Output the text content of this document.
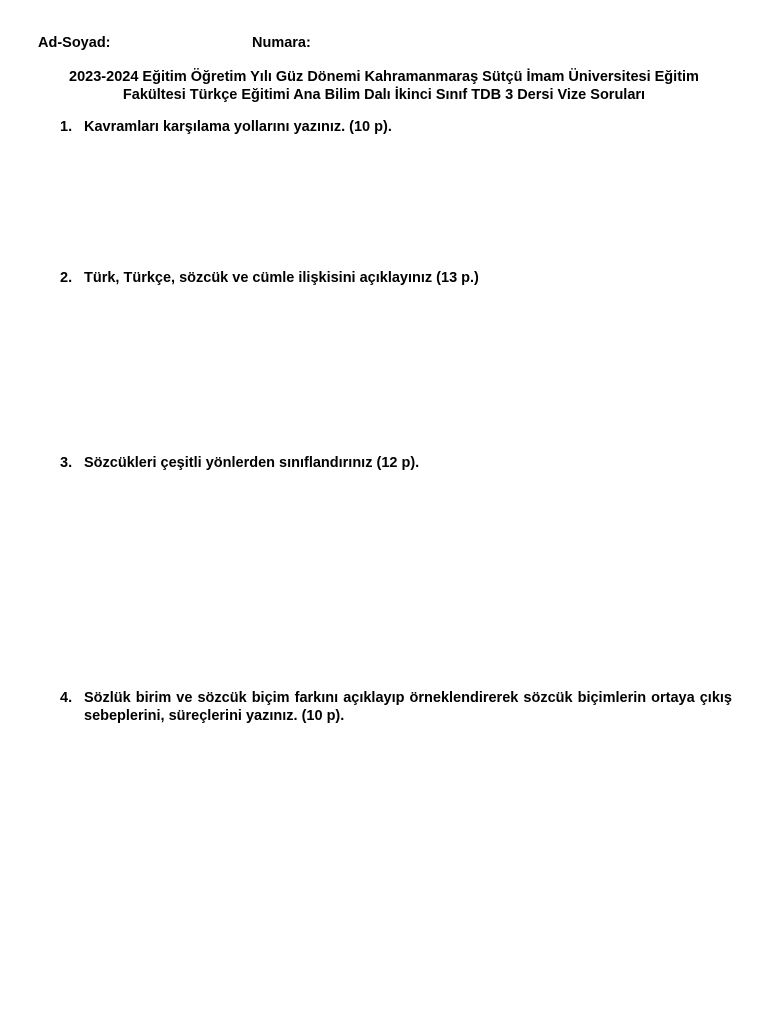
Ad-Soyad:	Numara:
2023-2024 Eğitim Öğretim Yılı Güz Dönemi Kahramanmaraş Sütçü İmam Üniversitesi Eğitim
Fakültesi Türkçe Eğitimi Ana Bilim Dalı İkinci Sınıf TDB 3 Dersi Vize Soruları
1. Kavramları karşılama yollarını yazınız. (10 p).
2. Türk, Türkçe, sözcük ve cümle ilişkisini açıklayınız (13 p.)
3. Sözcükleri çeşitli yönlerden sınıflandırınız (12 p).
4. Sözlük birim ve sözcük biçim farkını açıklayıp örneklendirerek sözcük biçimlerin ortaya çıkış sebeplerini, süreçlerini yazınız. (10 p).
